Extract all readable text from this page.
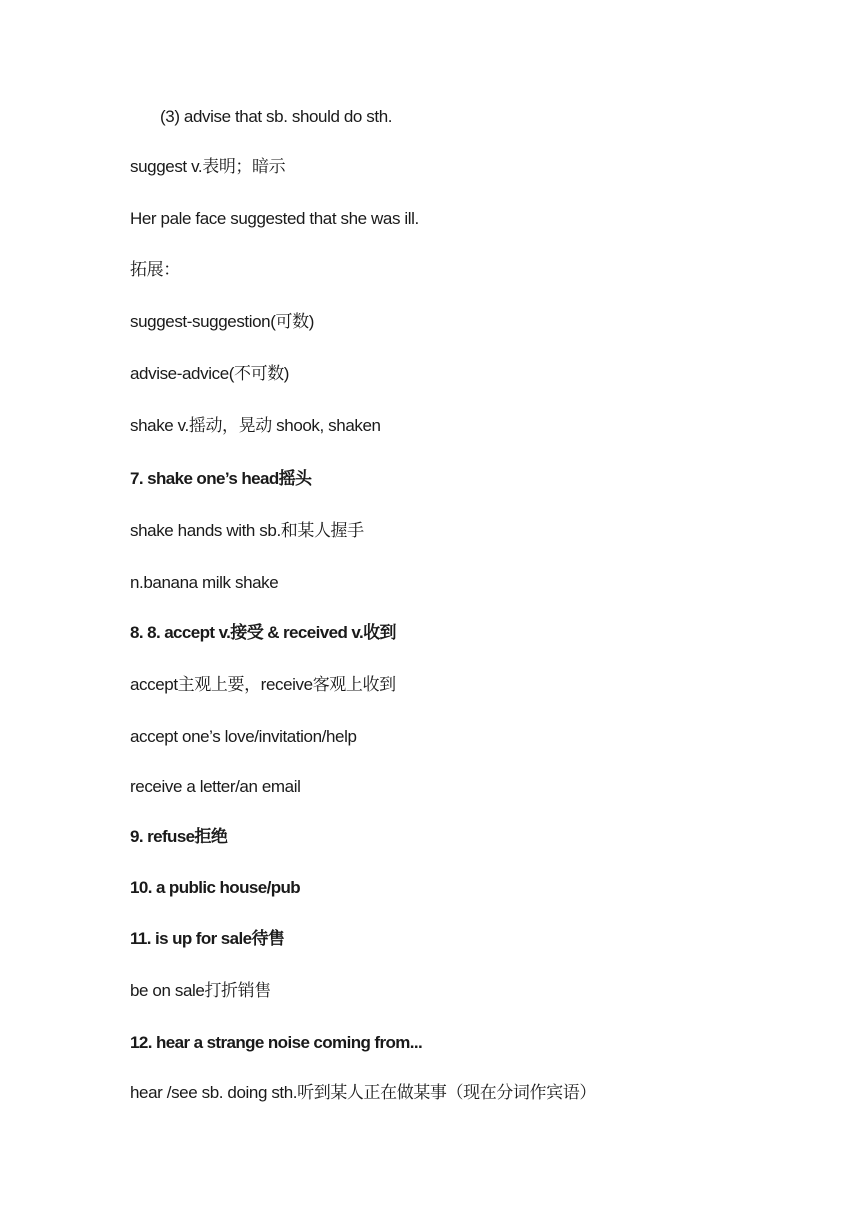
(3) advise that sb. should do sth.
suggest v.表明；暗示
Her pale face suggested that she was ill.
拓展：
suggest-suggestion(可数)
advise-advice(不可数)
shake v.摇动，晃动 shook, shaken
7. shake one’s head摇头
shake hands with sb.和某人握手
n.banana milk shake
8. 8. accept v.接受 & received v.收到
accept主观上要，receive客观上收到
accept one’s love/invitation/help
receive a letter/an email
9. refuse拒绝
10. a public house/pub
11. is up for sale待售
be on sale打折销售
12. hear a strange noise coming from...
hear /see sb. doing sth.听到某人正在做某事（现在分词作宾语）
